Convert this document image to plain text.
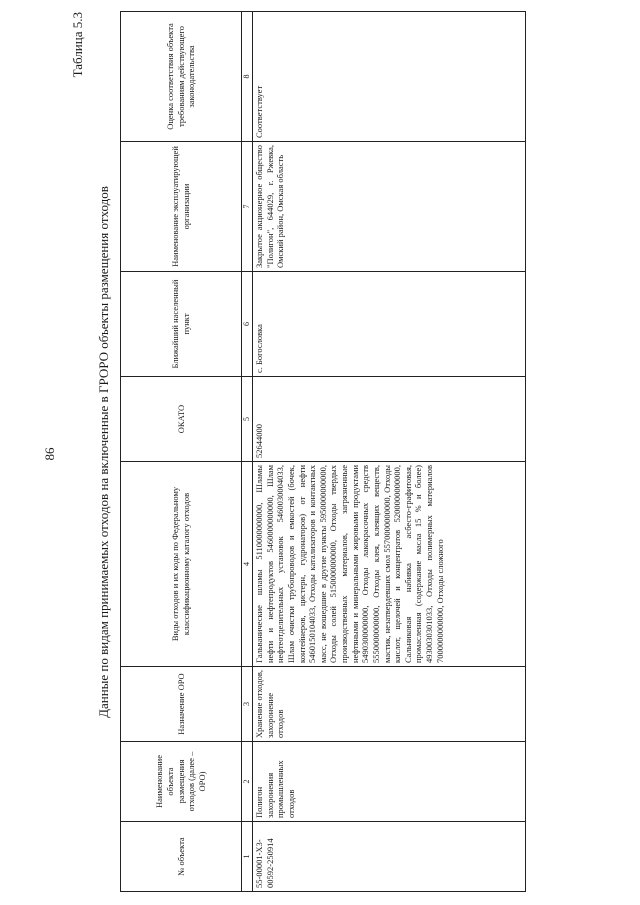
86
Таблица 5.3
Данные по видам принимаемых отходов на включенные в ГРОРО объекты размещения отходов
№ объекта	Наименование объекта размещения отходов (далее – ОРО)	Назначение ОРО	Виды отходов и их коды по Федеральному классификационному каталогу отходов	ОКАТО	Ближайший населенный пункт	Наименование эксплуатирующей организации	Оценка соответствия объекта требованиям действующего законодательства
1	2	3	4	5	6	7	8
55-00001-Х3-00592-250914	Полигон захоронения промышленных отходов	Хранение отходов, захоронение отходов	Гальванические шламы 5110000000000, Шламы нефти и нефтепродуктов 5460000000000, Шлам нефтеотделительных установок 5460030004033, Шлам очистки трубопроводов и емкостей (бочек, контейнеров, цистерн, гудронаторов) от нефти 5460150104033, Отходы катализаторов и контактных масс, не вошедшие в другие пункты 5950000000000, Отходы солей 5150000000000, Отходы твердых производственных материалов, загрязненные нефтяными и минеральными жировыми продуктами 5490300000000, Отходы лакокрасочных средств 5550000000000, Отходы клея, клеящих веществ, мастик, незатвердевших смол 5570000000000, Отходы кислот, щелочей и концентратов 5200000000000, Сальниковая набивка асбесто-графитовая, промасленная (содержание масла 15 % и более) 4930030301033, Отходы полимерных материалов 7000000000000, Отходы сложного	52644000	с. Богословка	Закрытое акционерное общество "Полигон", 644029, г. Ржевка, Омский район, Омская область	Соответствует
